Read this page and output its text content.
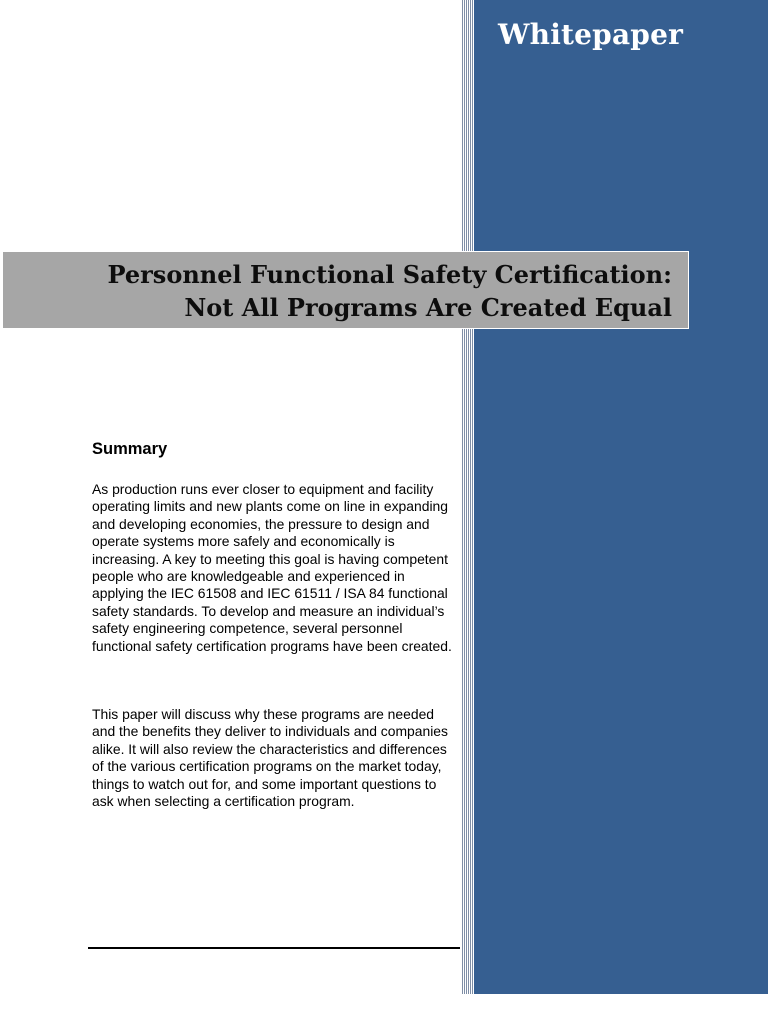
Whitepaper
Personnel Functional Safety Certification:
Not All Programs Are Created Equal
Summary

As production runs ever closer to equipment and facility operating limits and new plants come on line in expanding and developing economies, the pressure to design and operate systems more safely and economically is increasing. A key to meeting this goal is having competent people who are knowledgeable and experienced in applying the IEC 61508 and IEC 61511 / ISA 84 functional safety standards. To develop and measure an individual’s safety engineering competence, several personnel functional safety certification programs have been created.

This paper will discuss why these programs are needed and the benefits they deliver to individuals and companies alike. It will also review the characteristics and differences of the various certification programs on the market today, things to watch out for, and some important questions to ask when selecting a certification program.
